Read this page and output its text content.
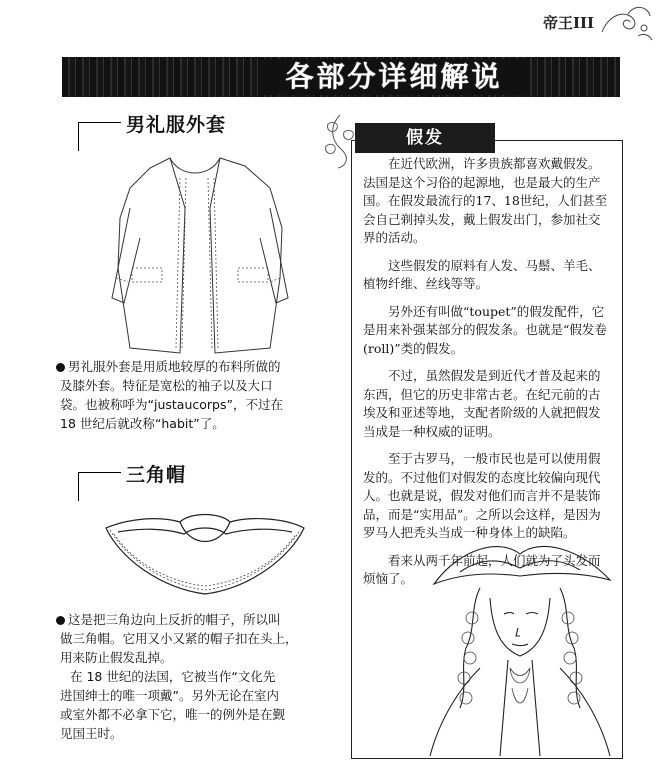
帝王III
各部分详细解说
男礼服外套
男礼服外套是用质地较厚的布料所做的
及膝外套。特征是宽松的袖子以及大口
袋。也被称呼为“justaucorps”，不过在
18 世纪后就改称“habit”了。
三角帽
这是把三角边向上反折的帽子，所以叫
做三角帽。它用又小又紧的帽子扣在头上，
用来防止假发乱掉。
在 18 世纪的法国，它被当作“文化先
进国绅士的唯一项戴”。另外无论在室内
或室外都不必拿下它，唯一的例外是在觐
见国王时。
假发
在近代欧洲，许多贵族都喜欢戴假发。法国是这个习俗的起源地，也是最大的生产国。在假发最流行的17、18世纪，人们甚至会自己剃掉头发，戴上假发出门，参加社交界的活动。
这些假发的原料有人发、马鬃、羊毛、植物纤维、丝线等等。
另外还有叫做“toupet”的假发配件，它是用来补强某部分的假发条。也就是“假发卷(roll)”类的假发。
不过，虽然假发是到近代才普及起来的东西，但它的历史非常古老。在纪元前的古埃及和亚述等地，支配者阶级的人就把假发当成是一种权威的证明。
至于古罗马，一般市民也是可以使用假发的。不过他们对假发的态度比较偏向现代人。也就是说，假发对他们而言并不是装饰品，而是“实用品”。之所以会这样，是因为罗马人把秃头当成一种身体上的缺陷。
看来从两千年前起，人们就为了头发而烦恼了。
